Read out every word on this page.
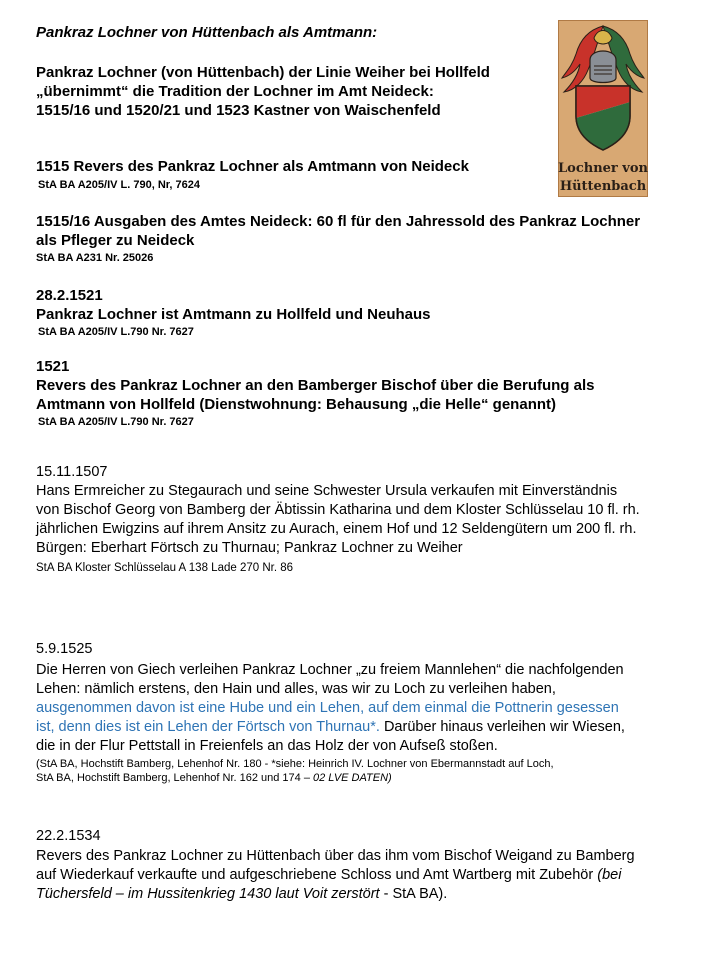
Pankraz Lochner von Hüttenbach als Amtmann:
Pankraz Lochner (von Hüttenbach) der Linie Weiher bei Hollfeld
„übernimmt“ die Tradition der Lochner im Amt Neideck:
1515/16 und 1520/21 und 1523 Kastner von Waischenfeld
Lochner von
Hüttenbach
1515 Revers des Pankraz Lochner als Amtmann von Neideck
StA BA A205/IV L. 790, Nr, 7624
1515/16 Ausgaben des Amtes Neideck: 60 fl für den Jahressold des Pankraz Lochner
als Pfleger zu Neideck
StA BA A231 Nr. 25026
28.2.1521
Pankraz Lochner ist Amtmann zu Hollfeld und Neuhaus
StA BA A205/IV L.790 Nr. 7627
1521
Revers des Pankraz Lochner an den Bamberger Bischof über die Berufung als
Amtmann von Hollfeld (Dienstwohnung: Behausung „die Helle“ genannt)
StA BA A205/IV L.790 Nr. 7627
15.11.1507
Hans Ermreicher zu Stegaurach und seine Schwester Ursula verkaufen mit Einverständnis
von Bischof Georg von Bamberg der Äbtissin Katharina und dem Kloster Schlüsselau 10 fl. rh.
jährlichen Ewigzins auf ihrem Ansitz zu Aurach, einem Hof und 12 Seldengütern um 200 fl. rh.
Bürgen: Eberhart Förtsch zu Thurnau; Pankraz Lochner zu Weiher
StA BA Kloster Schlüsselau A 138 Lade 270 Nr. 86
5.9.1525
Die Herren von Giech verleihen Pankraz Lochner „zu freiem Mannlehen“ die nachfolgenden
Lehen: nämlich erstens, den Hain und alles, was wir zu Loch zu verleihen haben,
ausgenommen davon ist eine Hube und ein Lehen, auf dem einmal die Pottnerin gesessen
ist, denn dies ist ein Lehen der Förtsch von Thurnau*. Darüber hinaus verleihen wir Wiesen,
die in der Flur Pettstall in Freienfels an das Holz der von Aufseß stoßen.
(StA BA, Hochstift Bamberg, Lehenhof Nr. 180 - *siehe: Heinrich IV. Lochner von Ebermannstadt auf Loch,
StA BA, Hochstift Bamberg, Lehenhof Nr. 162 und 174 – 02 LVE DATEN)
22.2.1534
Revers des Pankraz Lochner zu Hüttenbach über das ihm vom Bischof Weigand zu Bamberg
auf Wiederkauf verkaufte und aufgeschriebene Schloss und Amt Wartberg mit Zubehör (bei
Tüchersfeld – im Hussitenkrieg 1430 laut Voit zerstört - StA BA).
